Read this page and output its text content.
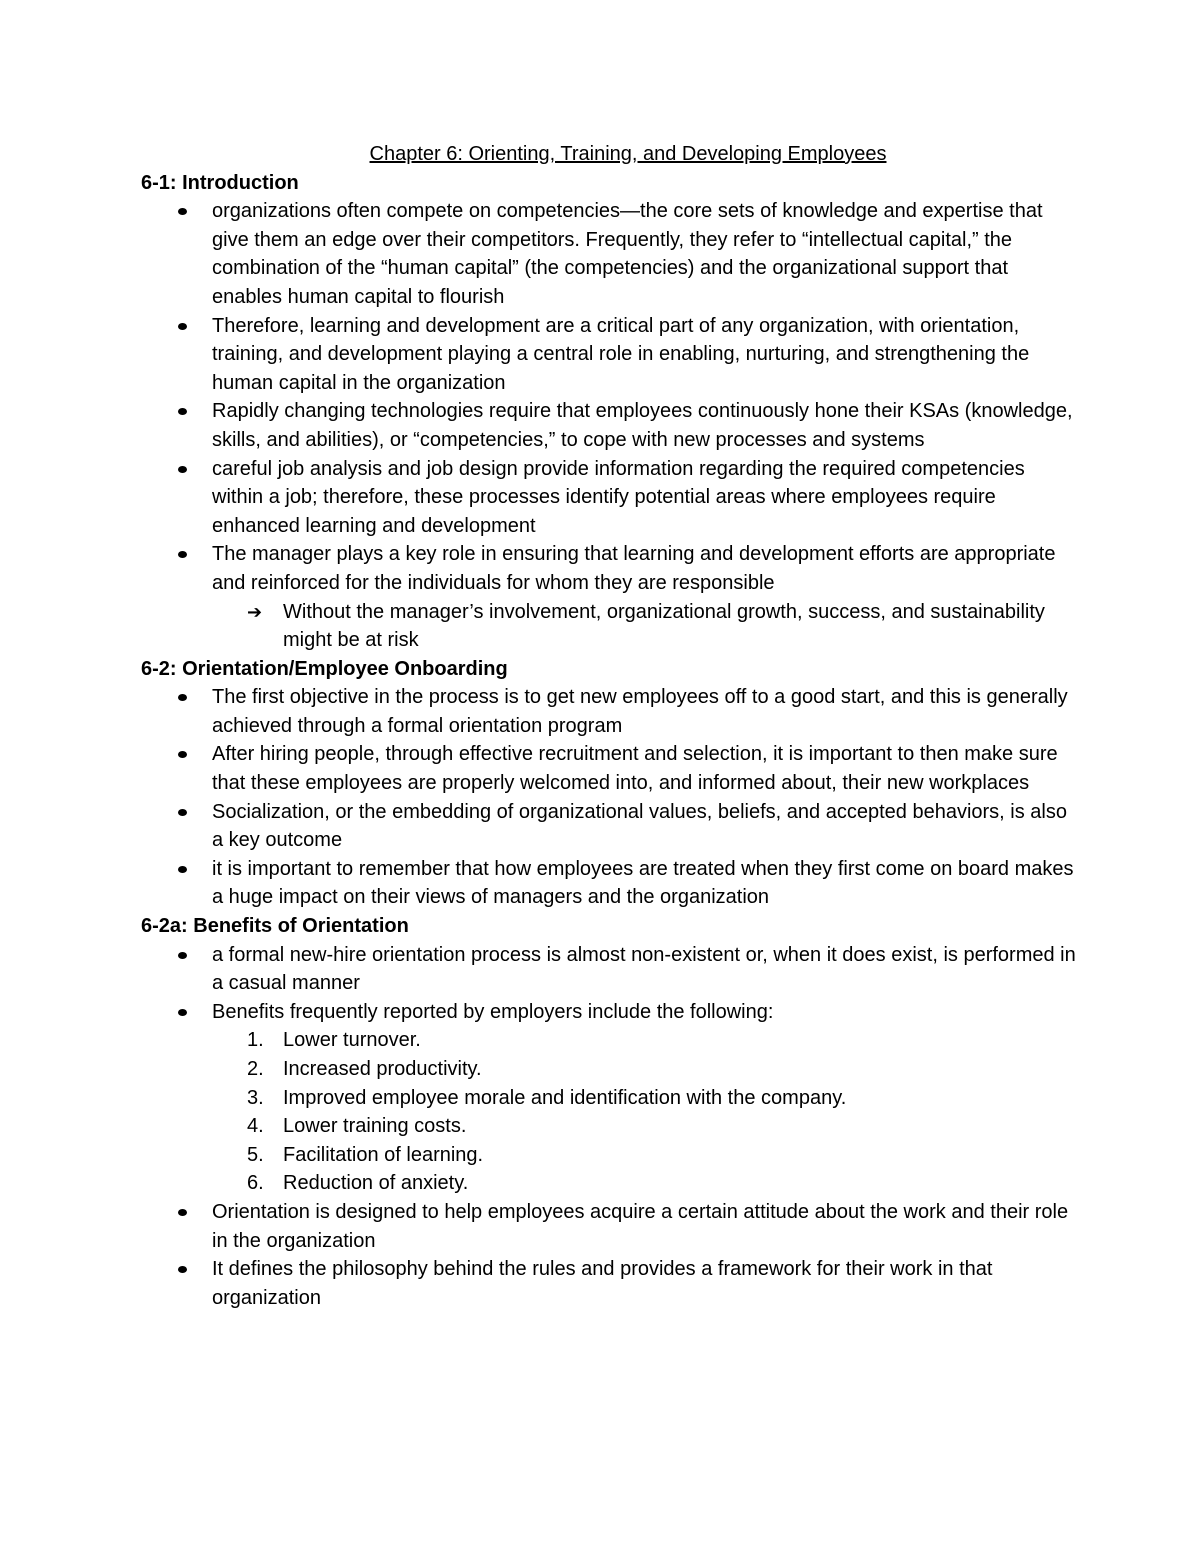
Chapter 6: Orienting, Training, and Developing Employees
6-1: Introduction
organizations often compete on competencies—the core sets of knowledge and expertise that give them an edge over their competitors. Frequently, they refer to “intellectual capital,” the combination of the “human capital” (the competencies) and the organizational support that enables human capital to flourish
Therefore, learning and development are a critical part of any organization, with orientation, training, and development playing a central role in enabling, nurturing, and strengthening the human capital in the organization
Rapidly changing technologies require that employees continuously hone their KSAs (knowledge, skills, and abilities), or “competencies,” to cope with new processes and systems
careful job analysis and job design provide information regarding the required competencies within a job; therefore, these processes identify potential areas where employees require enhanced learning and development
The manager plays a key role in ensuring that learning and development efforts are appropriate and reinforced for the individuals for whom they are responsible
➔ Without the manager’s involvement, organizational growth, success, and sustainability might be at risk
6-2: Orientation/Employee Onboarding
The first objective in the process is to get new employees off to a good start, and this is generally achieved through a formal orientation program
After hiring people, through effective recruitment and selection, it is important to then make sure that these employees are properly welcomed into, and informed about, their new workplaces
Socialization, or the embedding of organizational values, beliefs, and accepted behaviors, is also a key outcome
it is important to remember that how employees are treated when they first come on board makes a huge impact on their views of managers and the organization
6-2a: Benefits of Orientation
a formal new-hire orientation process is almost non-existent or, when it does exist, is performed in a casual manner
Benefits frequently reported by employers include the following:
1. Lower turnover.
2. Increased productivity.
3. Improved employee morale and identification with the company.
4. Lower training costs.
5. Facilitation of learning.
6. Reduction of anxiety.
Orientation is designed to help employees acquire a certain attitude about the work and their role in the organization
It defines the philosophy behind the rules and provides a framework for their work in that organization
